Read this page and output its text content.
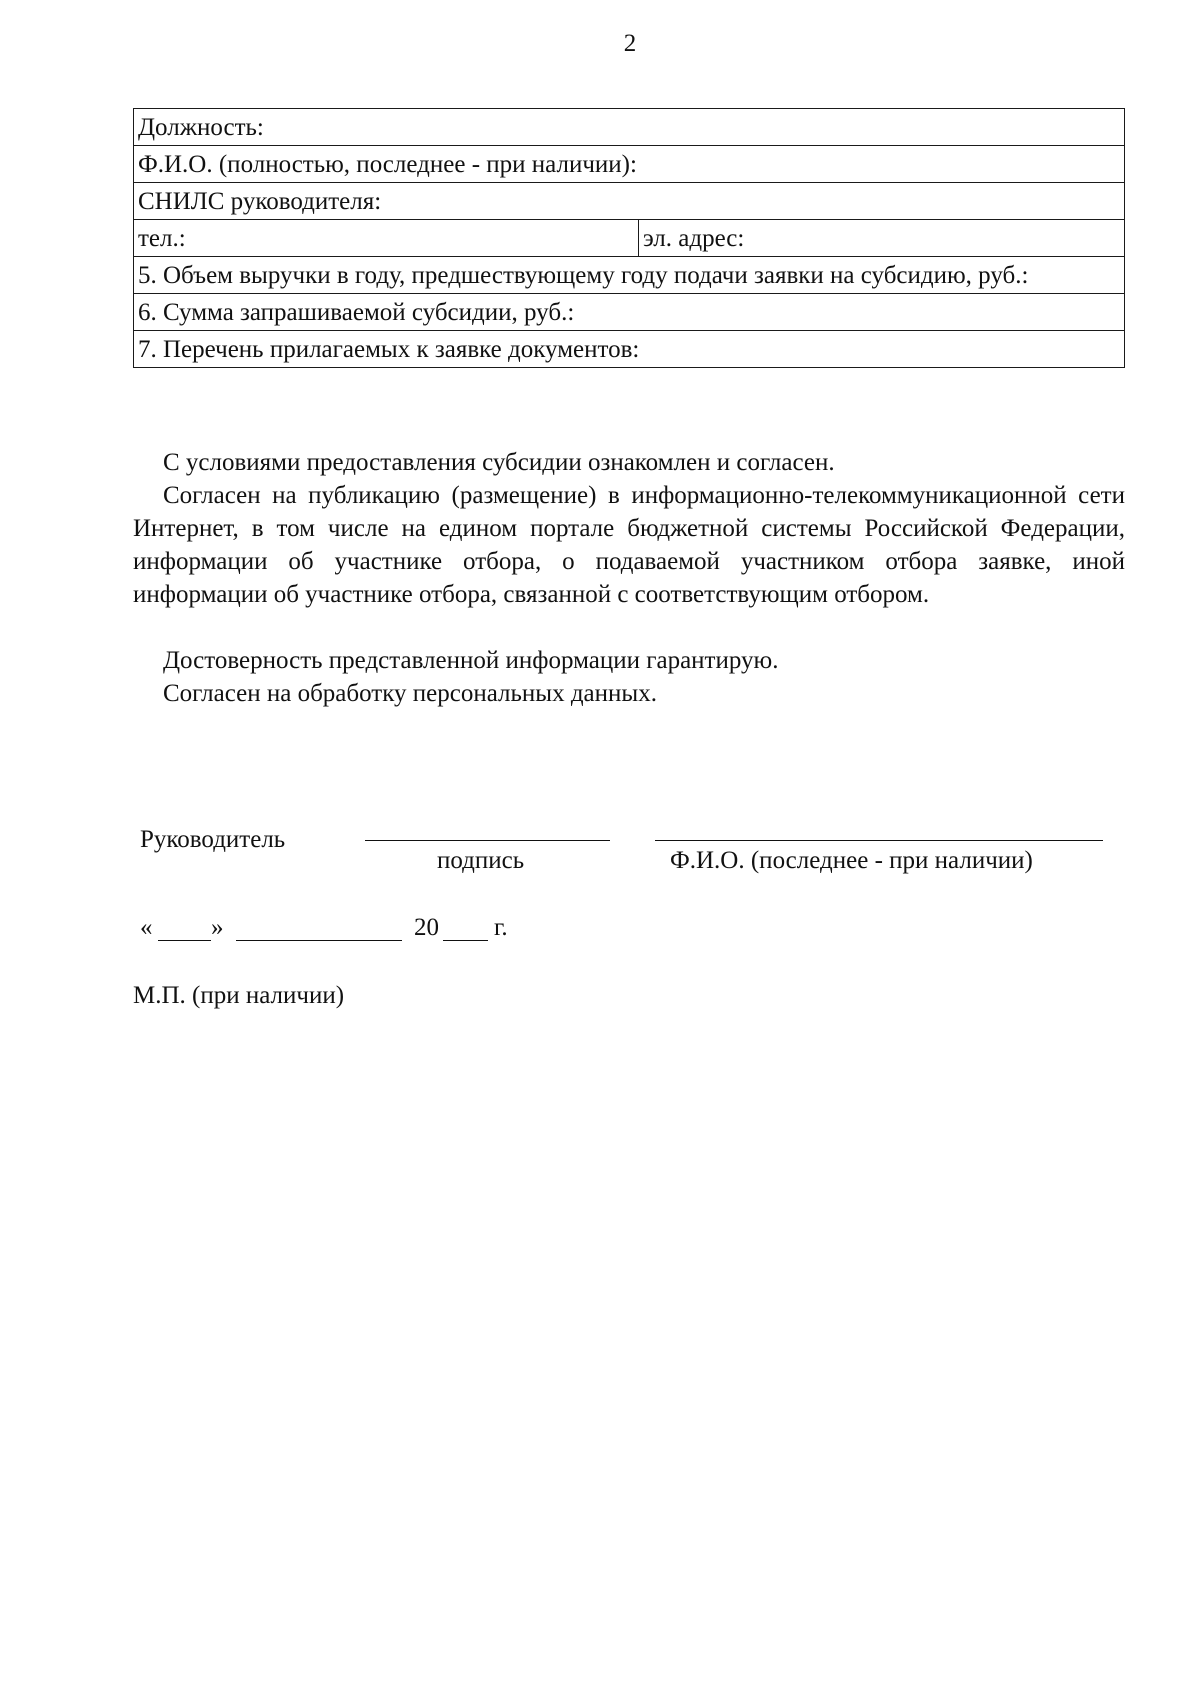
2
Должность:
Ф.И.О. (полностью, последнее - при наличии):
СНИЛС руководителя:
тел.:	эл. адрес:
5. Объем выручки в году, предшествующему году подачи заявки на субсидию, руб.:
6. Сумма запрашиваемой субсидии, руб.:
7. Перечень прилагаемых к заявке документов:
С условиями предоставления субсидии ознакомлен и согласен.
Согласен на публикацию (размещение) в информационно-телекоммуникационной сети Интернет, в том числе на едином портале бюджетной системы Российской Федерации, информации об участнике отбора, о подаваемой участником отбора заявке, иной информации об участнике отбора, связанной с соответствующим отбором.
Достоверность представленной информации гарантирую.
Согласен на обработку персональных данных.
Руководитель
подпись	Ф.И.О. (последнее - при наличии)
« »	20 г.
М.П. (при наличии)
